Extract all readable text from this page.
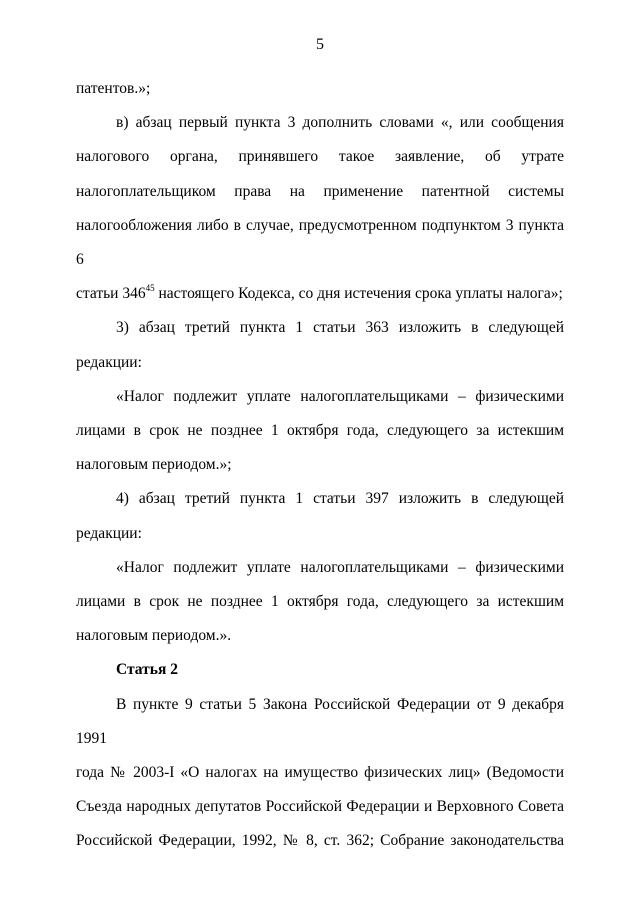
5

патентов.»;

в) абзац первый пункта 3 дополнить словами «, или сообщения

налогового органа, принявшего такое заявление, об утрате

налогоплательщиком права на применение патентной системы

налогообложения либо в случае, предусмотренном подпунктом 3 пункта 6

статьи $346^{45}$ настоящего Кодекса, со дня истечения срока уплаты налога»;

3) абзац третий пункта 1 статьи 363 изложить в следующей

редакции:

«Налог подлежит уплате налогоплательщиками – физическими

лицами в срок не позднее 1 октября года, следующего за истекшим

налоговым периодом.»;

4) абзац третий пункта 1 статьи 397 изложить в следующей

редакции:

«Налог подлежит уплате налогоплательщиками – физическими

лицами в срок не позднее 1 октября года, следующего за истекшим

налоговым периодом.».

Статья 2

В пункте 9 статьи 5 Закона Российской Федерации от 9 декабря 1991

года № 2003-I «О налогах на имущество физических лиц» (Ведомости

Съезда народных депутатов Российской Федерации и Верховного Совета

Российской Федерации, 1992, № 8, ст. 362; Собрание законодательства
